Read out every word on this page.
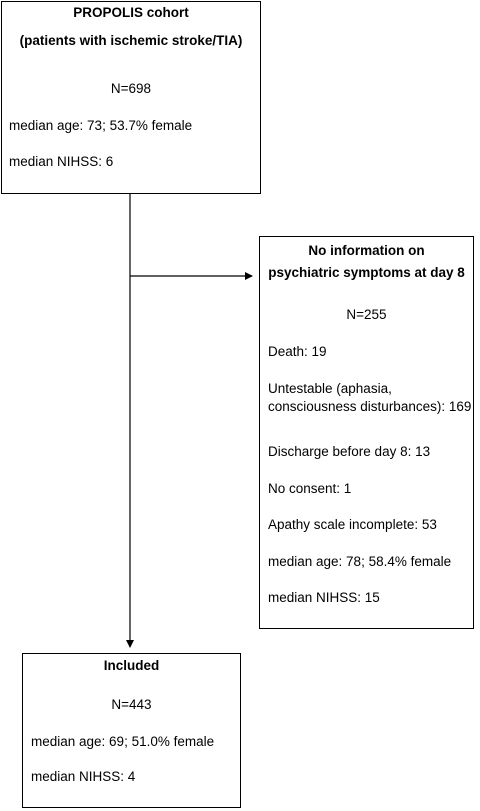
PROPOLIS cohort
(patients with ischemic stroke/TIA)
N=698
median age: 73; 53.7% female
median NIHSS: 6
No information on
psychiatric symptoms at day 8
N=255
Death: 19
Untestable (aphasia,
consciousness disturbances): 169
Discharge before day 8: 13
No consent: 1
Apathy scale incomplete: 53
median age: 78; 58.4% female
median NIHSS: 15
Included
N=443
median age: 69; 51.0% female
median NIHSS: 4
